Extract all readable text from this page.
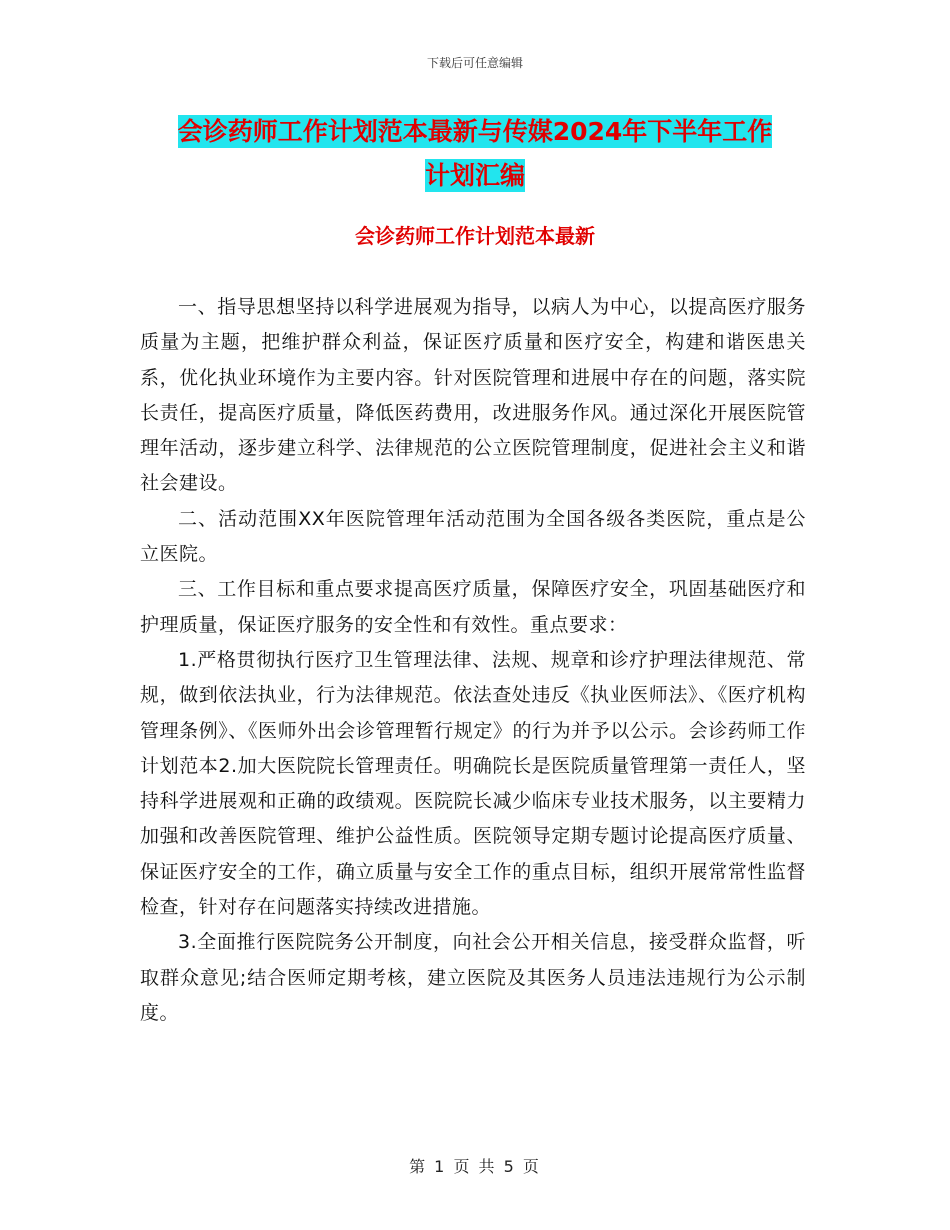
下载后可任意编辑
会诊药师工作计划范本最新与传媒2024年下半年工作
计划汇编
会诊药师工作计划范本最新

一、指导思想坚持以科学进展观为指导，以病人为中心，以提高医疗服务质量为主题，把维护群众利益，保证医疗质量和医疗安全，构建和谐医患关系，优化执业环境作为主要内容。针对医院管理和进展中存在的问题，落实院长责任，提高医疗质量，降低医药费用，改进服务作风。通过深化开展医院管理年活动，逐步建立科学、法律规范的公立医院管理制度，促进社会主义和谐社会建设。

二、活动范围XX年医院管理年活动范围为全国各级各类医院，重点是公立医院。

三、工作目标和重点要求提高医疗质量，保障医疗安全，巩固基础医疗和护理质量，保证医疗服务的安全性和有效性。重点要求：

1.严格贯彻执行医疗卫生管理法律、法规、规章和诊疗护理法律规范、常规，做到依法执业，行为法律规范。依法查处违反《执业医师法》、《医疗机构管理条例》、《医师外出会诊管理暂行规定》的行为并予以公示。会诊药师工作计划范本2.加大医院院长管理责任。明确院长是医院质量管理第一责任人，坚持科学进展观和正确的政绩观。医院院长减少临床专业技术服务，以主要精力加强和改善医院管理、维护公益性质。医院领导定期专题讨论提高医疗质量、保证医疗安全的工作，确立质量与安全工作的重点目标，组织开展常常性监督检查，针对存在问题落实持续改进措施。

3.全面推行医院院务公开制度，向社会公开相关信息，接受群众监督，听取群众意见;结合医师定期考核，建立医院及其医务人员违法违规行为公示制度。

第 1 页 共 5 页
